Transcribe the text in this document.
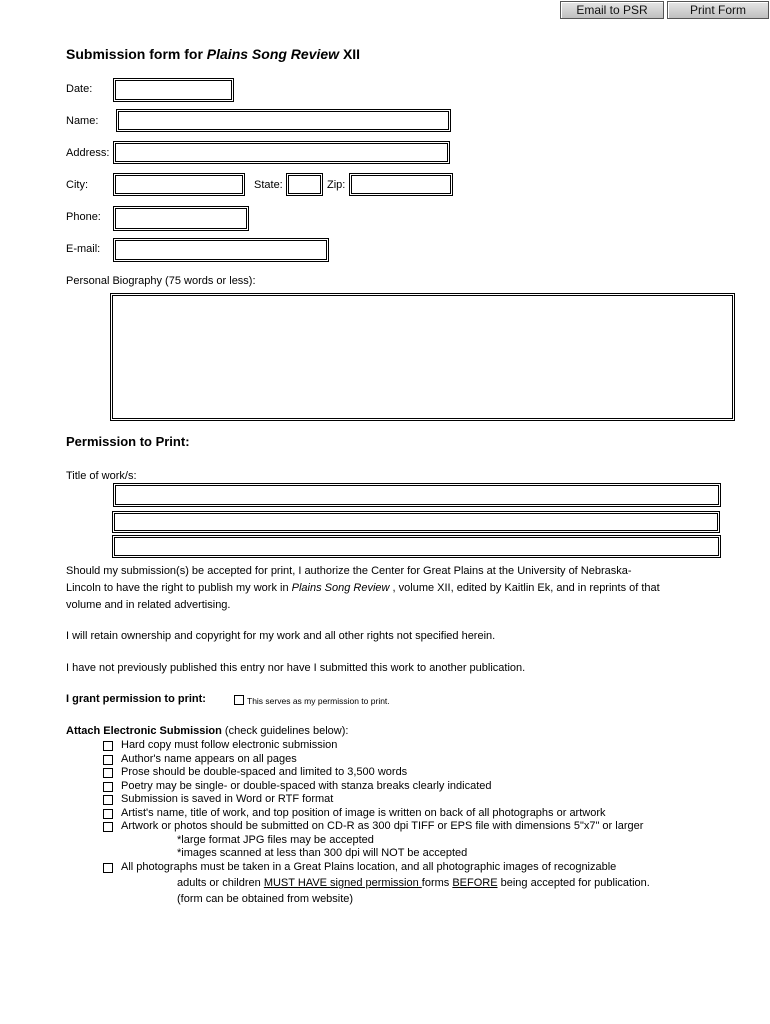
Email to PSR	Print Form
Submission form for Plains Song Review XII
Date:
Name:
Address:
City:	State:	Zip:
Phone:
E-mail:
Personal Biography (75 words or less):
Permission to Print:
Title of work/s:
Should my submission(s) be accepted for print, I authorize the Center for Great Plains at the University of Nebraska-Lincoln to have the right to publish my work in Plains Song Review , volume XII, edited by Kaitlin Ek, and in reprints of that volume and in related advertising.
I will retain ownership and copyright for my work and all other rights not specified herein.
I have not previously published this entry nor have I submitted this work to another publication.
I grant permission to print:	This serves as my permission to print.
Attach Electronic Submission (check guidelines below):
Hard copy must follow electronic submission
Author's name appears on all pages
Prose should be double-spaced and limited to 3,500 words
Poetry may be single- or double-spaced with stanza breaks clearly indicated
Submission is saved in Word or RTF format
Artist's name, title of work, and top position of image is written on back of all photographs or artwork
Artwork or photos should be submitted on CD-R as 300 dpi TIFF or EPS file with dimensions 5"x7" or larger
*large format JPG files may be accepted
*images scanned at less than 300 dpi will NOT be accepted
All photographs must be taken in a Great Plains location, and all photographic images of recognizable
adults or children MUST HAVE signed permission forms BEFORE being accepted for publication.
(form can be obtained from website)
